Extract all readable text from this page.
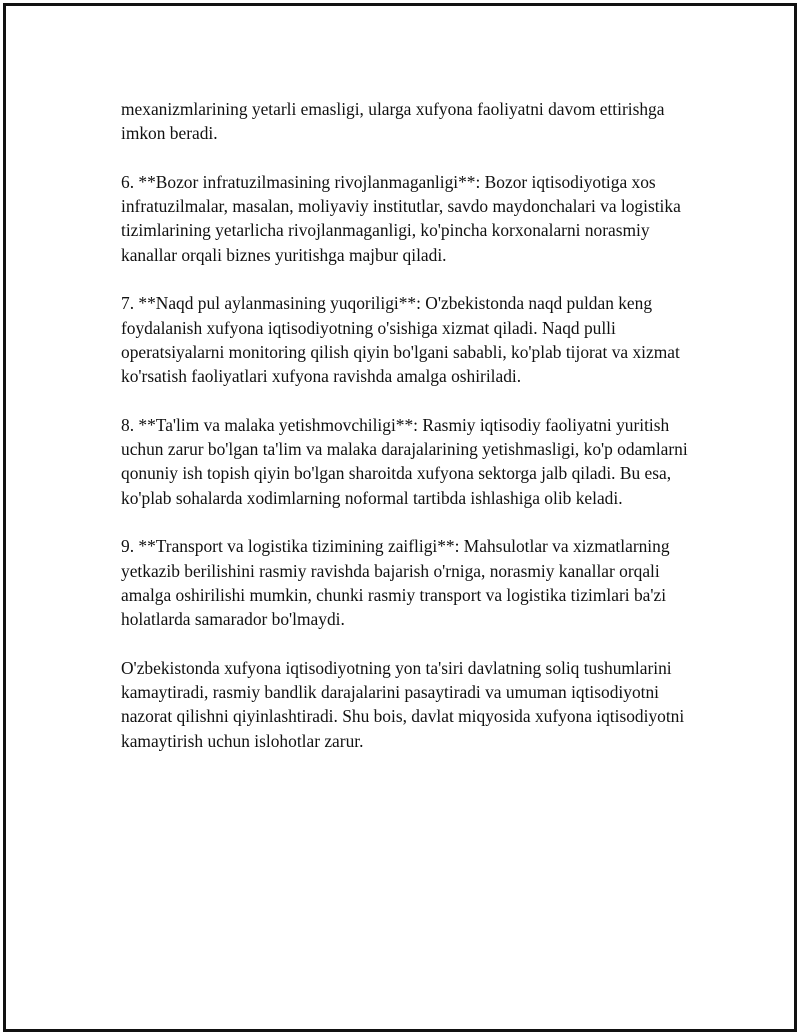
mexanizmlarining yetarli emasligi, ularga xufyona faoliyatni davom ettirishga imkon beradi.

6. **Bozor infratuzilmasining rivojlanmaganligi**: Bozor iqtisodiyotiga xos infratuzilmalar, masalan, moliyaviy institutlar, savdo maydonchalari va logistika tizimlarining yetarlicha rivojlanmaganligi, ko'pincha korxonalarni norasmiy kanallar orqali biznes yuritishga majbur qiladi.

7. **Naqd pul aylanmasining yuqoriligi**: O'zbekistonda naqd puldan keng foydalanish xufyona iqtisodiyotning o'sishiga xizmat qiladi. Naqd pulli operatsiyalarni monitoring qilish qiyin bo'lgani sababli, ko'plab tijorat va xizmat ko'rsatish faoliyatlari xufyona ravishda amalga oshiriladi.

8. **Ta'lim va malaka yetishmovchiligi**: Rasmiy iqtisodiy faoliyatni yuritish uchun zarur bo'lgan ta'lim va malaka darajalarining yetishmasligi, ko'p odamlarni qonuniy ish topish qiyin bo'lgan sharoitda xufyona sektorga jalb qiladi. Bu esa, ko'plab sohalarda xodimlarning noformal tartibda ishlashiga olib keladi.

9. **Transport va logistika tizimining zaifligi**: Mahsulotlar va xizmatlarning yetkazib berilishini rasmiy ravishda bajarish o'rniga, norasmiy kanallar orqali amalga oshirilishi mumkin, chunki rasmiy transport va logistika tizimlari ba'zi holatlarda samarador bo'lmaydi.

O'zbekistonda xufyona iqtisodiyotning yon ta'siri davlatning soliq tushumlarini kamaytiradi, rasmiy bandlik darajalarini pasaytiradi va umuman iqtisodiyotni nazorat qilishni qiyinlashtiradi. Shu bois, davlat miqyosida xufyona iqtisodiyotni kamaytirish uchun islohotlar zarur.
